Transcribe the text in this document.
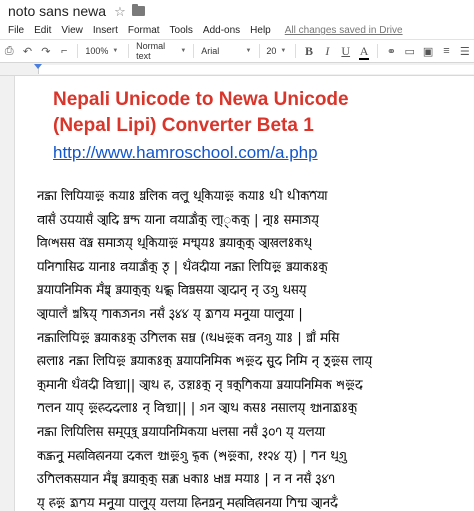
noto sans newa ☆
File Edit View Insert Format Tools Add-ons Help All changes saved in Drive
⎙ ↶ ↷ ⌐	100% ▼ Normal text	▼ Arial	▼ 20 ▼ B	I	U A ⚭ ▭ ▣ ≡ ☰
Nepali Unicode to Newa Unicode
(Nepal Lipi) Converter Beta 1
http://www.hamroschool.com/a.php
𑐣𑐴𑑂𑐰𑐵 𑐮𑐶𑐥𑐶𑐫𑐵𑐂 𑐎𑐫𑐵𑑅 𑐳𑑂𑐰𑐮𑐶𑐎 𑐰𑐮𑐹 𑐠𑐸𑐎𑐶𑐫𑐵𑐂 𑐎𑐫𑐵𑑅 𑐠𑐷 𑐠𑐷𑐎𑐟𑐾𑐫𑐵
𑐰𑐵𑐳𑑃 𑐄𑐥𑐫𑐵𑐳𑑃 𑐁𑐡𑐶 𑐳𑑂𑐰𑐳𑑂𑐟 𑐫𑐵𑐣𑐵 𑐰𑐫𑐵𑐖𑑂𑐰𑑃𑐎𑐸 𑐮𑐸𑐵𑑂𑐎𑐎𑐸 | 𑐣𑐸𑐵𑑅 𑐳𑐩𑐵𑐖𑐫𑑂
𑐰𑐶𑐱𑐾𑐳𑐳 𑐧𑐾𑐡𑑂𑐰 𑐳𑐩𑐵𑐖𑐫𑑂 𑐠𑐸𑐎𑐶𑐫𑐵𑐂 𑐩𑐳𑑂𑐳𑑂𑐫𑑅 𑐧𑑂𑐰𑐫𑐵𑐎𑐸𑐎𑐸 𑐁𑐏𑐮𑑅𑐎𑐠𑑂
𑐥𑐣𑐶𑐟𑐵𑐳𑐶𑐝 𑐫𑐵𑐣𑐵𑑅 𑐰𑐫𑐵𑐖𑑂𑐰𑑃𑐎𑐸 𑐜𑑂 | 𑐠𑑃𑐰𑐾𑐡𑐷𑐫𑐵 𑐣𑐴𑑂𑐰𑐵 𑐮𑐶𑐥𑐶𑐂 𑐧𑑂𑐰𑐫𑐵𑐎𑑅𑐎𑐸
𑐥𑑂𑐰𑐫𑐵𑐥𑐣𑐶𑐩𑐶𑐎 𑐩𑑃𑐳𑑂𑐱𑑂 𑐧𑑂𑐰𑐫𑐵𑐎𑐸𑐎𑐸 𑐠𑐴𑑂𑐎𑐸 𑐰𑐶𑐳𑑂𑐰𑐳𑐫𑐵 𑐁𑐡𑐵𑐣𑑂 𑐣𑑂 𑐄𑐐𑐸 𑐠𑐳𑐫𑑂
𑐁𑐥𑐵𑐮𑑃 𑐱𑑂𑐰𑐡𑑂𑐟𑐶𑐫𑑂 𑐟𑐵𑐎𑐖𑐣𑐐 𑐣𑐳𑑃 𑑓𑑔𑑔 𑐫𑑂 𑐖𑐹𑐟𑐫 𑐩𑐣𑐹𑐫𑐵 𑐥𑐵𑐮𑐹𑐫𑐵 |
𑐣𑐴𑑂𑐰𑐵𑐮𑐶𑐥𑐶𑐂 𑐧𑑂𑐰𑐫𑐵𑐎𑑅𑐎𑐸 𑐄𑐟𑐶𑐮𑐎 𑐳𑐩𑑂𑐰 (𑐠𑐾𑐢𑐂𑐎 𑐰𑐣𑐐𑐸 𑐫𑐵𑑅 | 𑐮𑑂𑐰𑐵𑑃 𑐩𑐳𑐶
𑐴𑐵𑐮𑐵𑑅 𑐣𑐴𑑂𑐰𑐵 𑐮𑐶𑐥𑐶𑐂 𑐧𑑂𑐰𑐫𑐵𑐎𑑅𑐎𑐸 𑐥𑑂𑐰𑐫𑐵𑐥𑐣𑐶𑐩𑐶𑐎 𑐱𑐂𑐡 𑐳𑐹𑐡 𑐣𑐶𑐩𑐶 𑐣𑑂 𑐜𑐸𑐂𑐳 𑐮𑐵𑐫𑑂
𑐎𑐸𑐩𑐵𑐣𑐷 𑐠𑑃𑐰𑐾𑐡𑐷 𑐰𑐶𑐡𑑂𑐫𑐵|| 𑐁𑐠 𑐴, 𑐄𑐡𑑂𑐴𑐵𑑅𑐎𑐸 𑐣𑑂 𑐥𑑂𑐬𑐎𑐸𑐟𑐶𑐎𑐫𑐵 𑐥𑑂𑐰𑐫𑐵𑐥𑐣𑐶𑐩𑐶𑐎 𑐱𑐂𑐡
𑐟𑐮𑐣 𑐫𑐵𑐥𑑂 𑐂𑐴𑐡𑐡𑐮𑐵𑑅 𑐣𑑂 𑐰𑐶𑐡𑑂𑐫𑐵|| | 𑐐𑐣 𑐁𑐠 𑐎𑐳𑑅 𑐣𑐳𑐵𑐮𑐫𑑂 𑐐𑑂𑐫𑐵𑐣𑐵𑐖𑐹𑑅𑐎𑐸
𑐣𑐴𑑂𑐰𑐵 𑐮𑐶𑐥𑐶𑐮𑐶𑐳 𑐳𑐩𑐸𑐥𑐸𑐡𑑂𑐬𑐸 𑐥𑑂𑐰𑐫𑐵𑐥𑐣𑐶𑐩𑐶𑐎𑐫𑐵 𑐢𑐮𑐳𑐵 𑐣𑐳𑑃 𑑓𑑐𑑗 𑐫𑑂 𑐫𑐮𑐫𑐵
𑐎𑐴𑑂𑐰𑐣𑐹 𑐩𑐴𑐵𑐰𑐶𑐴𑐵𑐣𑐫𑐵 𑐡𑐎𑐮 𑐐𑑂𑐫𑐵𑐂𑐐𑐸 𑐴𑐸𑐎 (𑐱𑐂𑐎𑐵, 𑑑𑑑𑑒𑑔 𑐫𑑂) | 𑐟𑐣 𑐠𑐸𑐐𑐸
𑐄𑐟𑐶𑐮𑐎𑐳𑐫𑐵𑐣 𑐩𑑃𑐳𑑂𑐱𑑂 𑐧𑑂𑐰𑐫𑐵𑐎𑐸𑐎𑐸 𑐳𑐎𑑂𑐰 𑐢𑐎𑐵𑑅 𑐢𑐵𑐳𑑂𑐰 𑐩𑐫𑐵𑑅 | 𑐣 𑐣 𑐣𑐳𑑃 𑑓𑑔𑑗
𑐫𑑂 𑐴𑐂 𑐖𑐹𑐟𑐫 𑐩𑐣𑐹𑐫𑐵 𑐥𑐵𑐮𑐹𑐫𑑂 𑐫𑐮𑐫𑐵 𑐴𑐶𑐣𑐟𑑂𑐰𑐣𑐸 𑐩𑐴𑐵𑐰𑐶𑐴𑐵𑐣𑐫𑐵 𑐟𑐶𑐳𑑂𑐳 𑐁𑐣𑐡𑑃
